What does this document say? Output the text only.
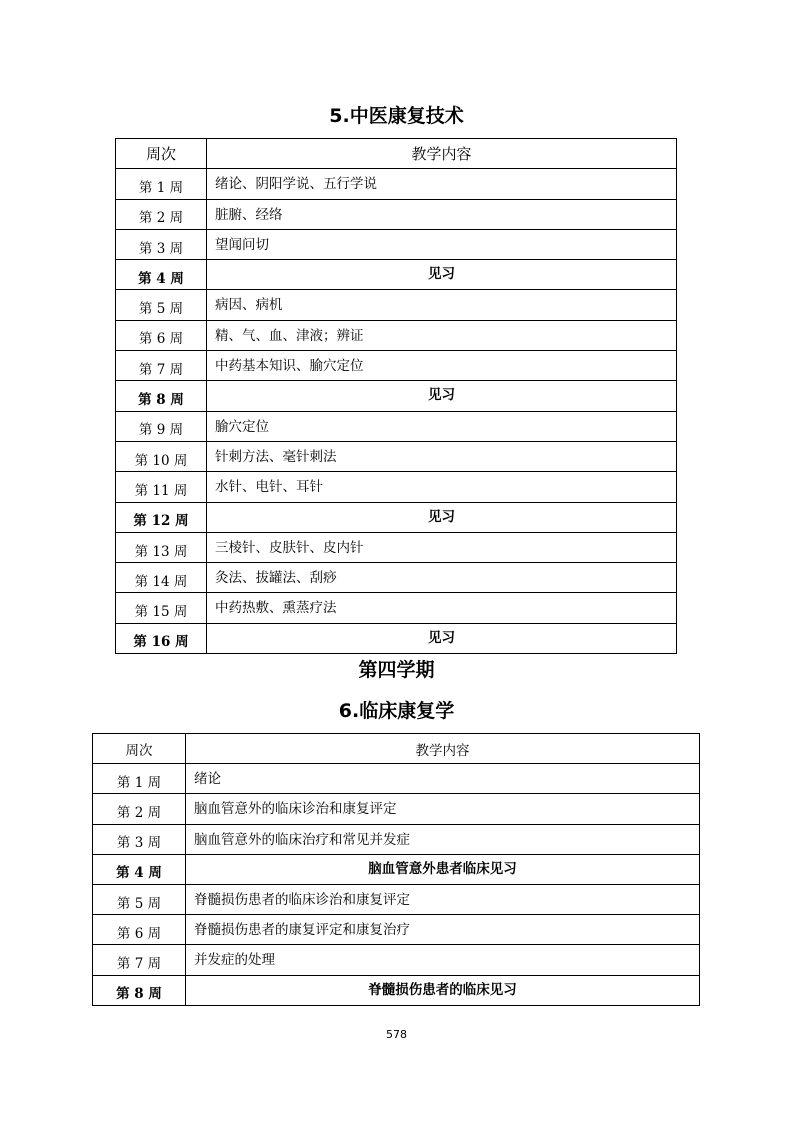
5.中医康复技术
周次	教学内容
第 1 周	绪论、阴阳学说、五行学说
第 2 周	脏腑、经络
第 3 周	望闻问切
第 4 周	见习
第 5 周	病因、病机
第 6 周	精、气、血、津液；辨证
第 7 周	中药基本知识、腧穴定位
第 8 周	见习
第 9 周	腧穴定位
第 10 周	针刺方法、毫针刺法
第 11 周	水针、电针、耳针
第 12 周	见习
第 13 周	三棱针、皮肤针、皮内针
第 14 周	灸法、拔罐法、刮痧
第 15 周	中药热敷、熏蒸疗法
第 16 周	见习
第四学期
6.临床康复学
周次	教学内容
第 1 周	绪论
第 2 周	脑血管意外的临床诊治和康复评定
第 3 周	脑血管意外的临床治疗和常见并发症
第 4 周	脑血管意外患者临床见习
第 5 周	脊髓损伤患者的临床诊治和康复评定
第 6 周	脊髓损伤患者的康复评定和康复治疗
第 7 周	并发症的处理
第 8 周	脊髓损伤患者的临床见习
578
